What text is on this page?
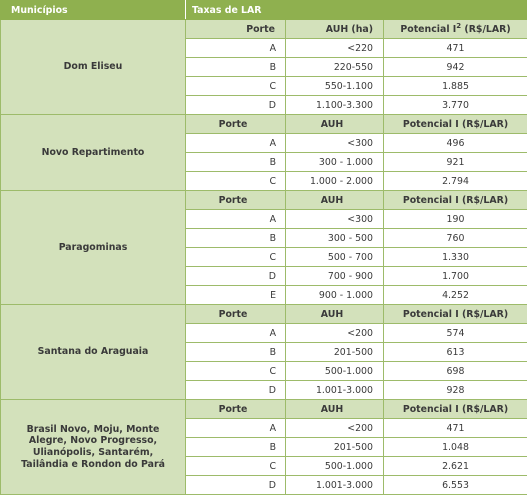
Municípios	Taxas de LAR		
Dom Eliseu	Porte	AUH (ha)	Potencial $I^2$ (R$/LAR)
	A	<220	471
	B	220-550	942
	C	550-1.100	1.885
	D	1.100-3.300	3.770
Novo Repartimento	Porte	AUH	Potencial I (R$/LAR)
	A	<300	496
	B	300 - 1.000	921
	C	1.000 - 2.000	2.794
Paragominas	Porte	AUH	Potencial I (R$/LAR)
	A	<300	190
	B	300 - 500	760
	C	500 - 700	1.330
	D	700 - 900	1.700
	E	900 - 1.000	4.252
Santana do Araguaia	Porte	AUH	Potencial I (R$/LAR)
	A	<200	574
	B	201-500	613
	C	500-1.000	698
	D	1.001-3.000	928
Brasil Novo, Moju, Monte Alegre, Novo Progresso, Ulianópolis, Santarém, Tailândia e Rondon do Pará	Porte	AUH	Potencial I (R$/LAR)
	A	<200	471
	B	201-500	1.048
	C	500-1.000	2.621
	D	1.001-3.000	6.553
